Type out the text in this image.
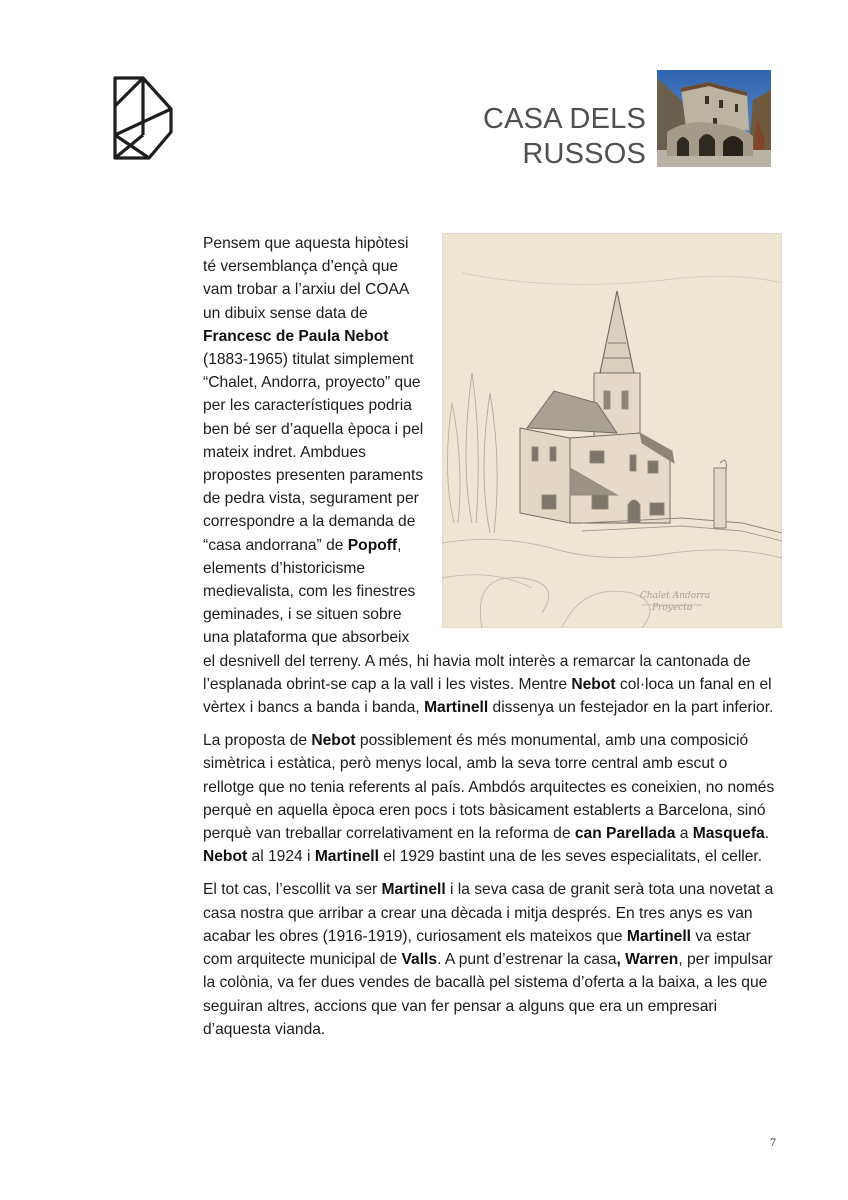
CASA DELS
RUSSOS
Chalet Andorra
Proyecto

Pensem que aquesta hipòtesi té versemblança d’ençà que vam trobar a l’arxiu del COAA un dibuix sense data de Francesc de Paula Nebot (1883-1965) titulat simplement “Chalet, Andorra, proyecto” que per les característiques podria ben bé ser d’aquella època i pel mateix indret. Ambdues propostes presenten paraments de pedra vista, segurament per correspondre a la demanda de “casa andorrana” de Popoff, elements d’historicisme medievalista, com les finestres geminades, i se situen sobre una plataforma que absorbeix el desnivell del terreny. A més, hi havia molt interès a remarcar la cantonada de l’esplanada obrint-se cap a la vall i les vistes. Mentre Nebot col·loca un fanal en el vèrtex i bancs a banda i banda, Martinell dissenya un festejador en la part inferior.

La proposta de Nebot possiblement és més monumental, amb una composició simètrica i estàtica, però menys local, amb la seva torre central amb escut o rellotge que no tenia referents al país. Ambdós arquitectes es coneixien, no només perquè en aquella època eren pocs i tots bàsicament establerts a Barcelona, sinó perquè van treballar correlativament en la reforma de can Parellada a Masquefa. Nebot al 1924 i Martinell el 1929 bastint una de les seves especialitats, el celler.

El tot cas, l’escollit va ser Martinell i la seva casa de granit serà tota una novetat a casa nostra que arribar a crear una dècada i mitja després. En tres anys es van acabar les obres (1916-1919), curiosament els mateixos que Martinell va estar com arquitecte municipal de Valls. A punt d’estrenar la casa, Warren, per impulsar la colònia, va fer dues vendes de bacallà pel sistema d’oferta a la baixa, a les que seguiran altres, accions que van fer pensar a alguns que era un empresari d’aquesta vianda.

7
